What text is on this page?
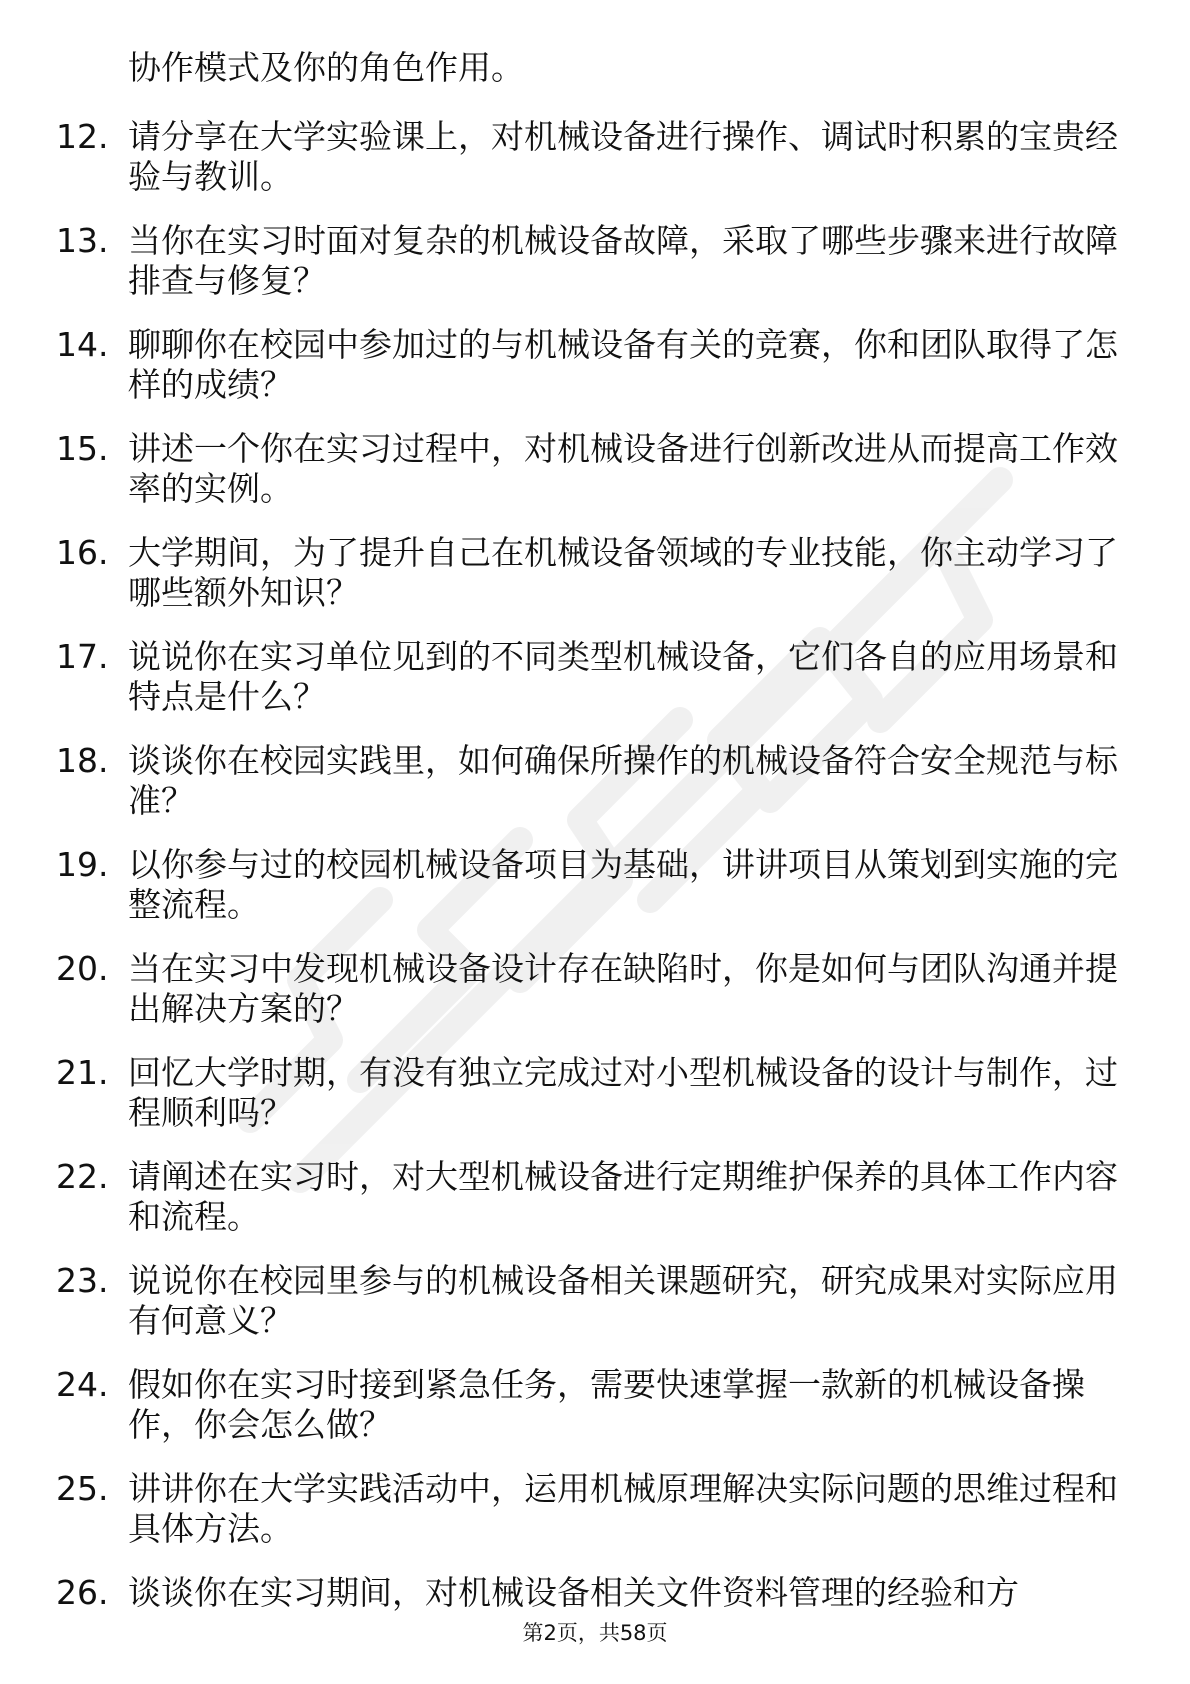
协作模式及你的角色作用。
12. 请分享在大学实验课上，对机械设备进行操作、调试时积累的宝贵经验与教训。
13. 当你在实习时面对复杂的机械设备故障，采取了哪些步骤来进行故障排查与修复？
14. 聊聊你在校园中参加过的与机械设备有关的竞赛，你和团队取得了怎样的成绩？
15. 讲述一个你在实习过程中，对机械设备进行创新改进从而提高工作效率的实例。
16. 大学期间，为了提升自己在机械设备领域的专业技能，你主动学习了哪些额外知识？
17. 说说你在实习单位见到的不同类型机械设备，它们各自的应用场景和特点是什么？
18. 谈谈你在校园实践里，如何确保所操作的机械设备符合安全规范与标准？
19. 以你参与过的校园机械设备项目为基础，讲讲项目从策划到实施的完整流程。
20. 当在实习中发现机械设备设计存在缺陷时，你是如何与团队沟通并提出解决方案的？
21. 回忆大学时期，有没有独立完成过对小型机械设备的设计与制作，过程顺利吗？
22. 请阐述在实习时，对大型机械设备进行定期维护保养的具体工作内容和流程。
23. 说说你在校园里参与的机械设备相关课题研究，研究成果对实际应用有何意义？
24. 假如你在实习时接到紧急任务，需要快速掌握一款新的机械设备操作，你会怎么做？
25. 讲讲你在大学实践活动中，运用机械原理解决实际问题的思维过程和具体方法。
26. 谈谈你在实习期间，对机械设备相关文件资料管理的经验和方
第2页，共58页
